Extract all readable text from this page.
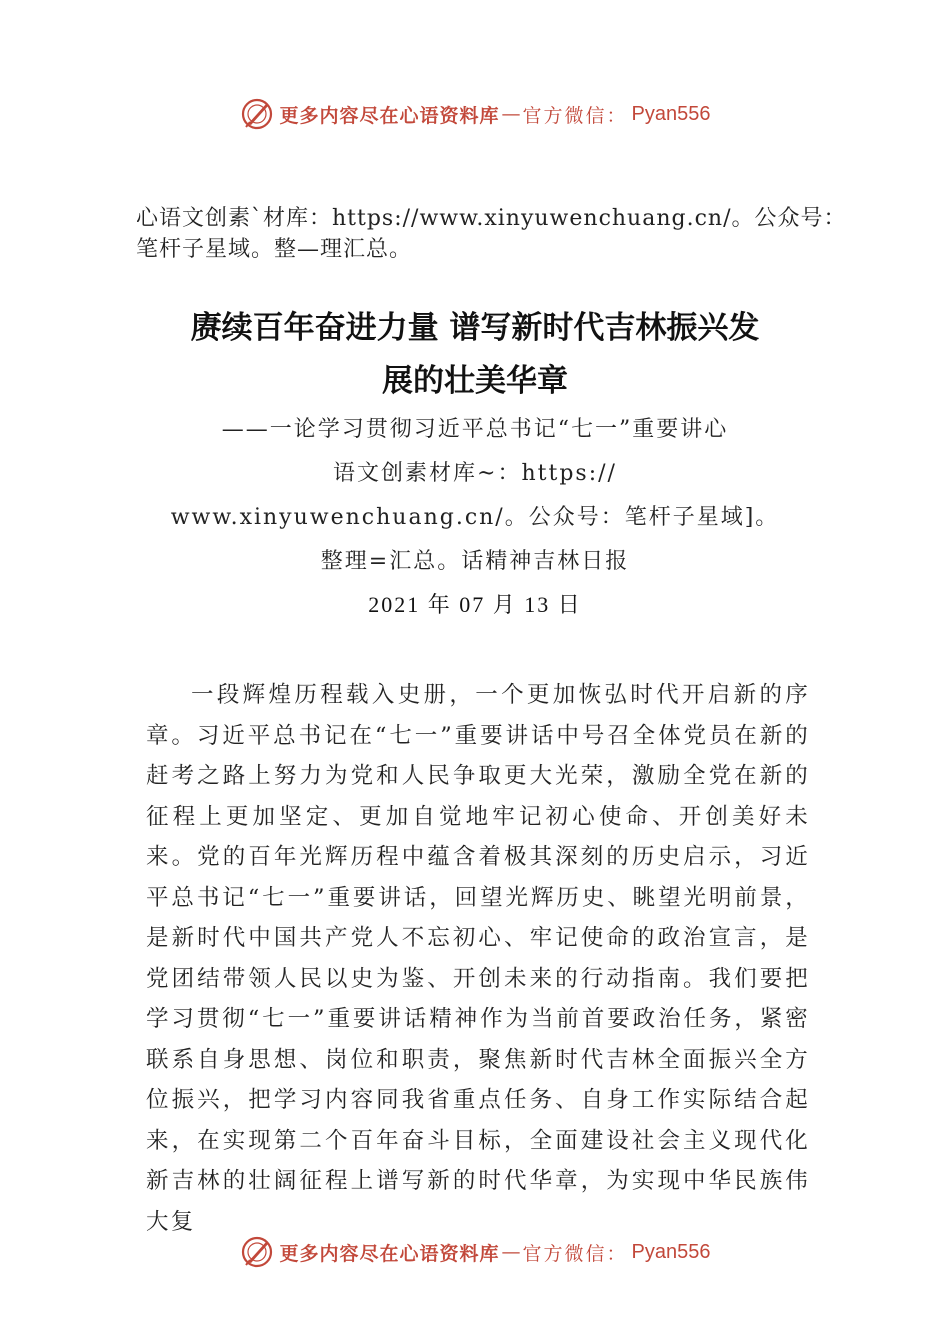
更多内容尽在心语资料库 — 官方微信： Pyan556
心语文创素`材库：https://www.xinyuwenchuang.cn/。公众号：笔杆子星域。整—理汇总。
赓续百年奋进力量 谱写新时代吉林振兴发
展的壮美华章
——一论学习贯彻习近平总书记“七一”重要讲心
语文创素材库~：https://
www.xinyuwenchuang.cn/。公众号：笔杆子星域]。
整理=汇总。话精神吉林日报
2021 年 07 月 13 日
一段辉煌历程载入史册，一个更加恢弘时代开启新的序章。习近平总书记在“七一”重要讲话中号召全体党员在新的赶考之路上努力为党和人民争取更大光荣，激励全党在新的征程上更加坚定、更加自觉地牢记初心使命、开创美好未来。党的百年光辉历程中蕴含着极其深刻的历史启示，习近平总书记“七一”重要讲话，回望光辉历史、眺望光明前景，是新时代中国共产党人不忘初心、牢记使命的政治宣言，是党团结带领人民以史为鉴、开创未来的行动指南。我们要把学习贯彻“七一”重要讲话精神作为当前首要政治任务，紧密联系自身思想、岗位和职责，聚焦新时代吉林全面振兴全方位振兴，把学习内容同我省重点任务、自身工作实际结合起来，在实现第二个百年奋斗目标，全面建设社会主义现代化新吉林的壮阔征程上谱写新的时代华章，为实现中华民族伟大复
更多内容尽在心语资料库 — 官方微信： Pyan556
